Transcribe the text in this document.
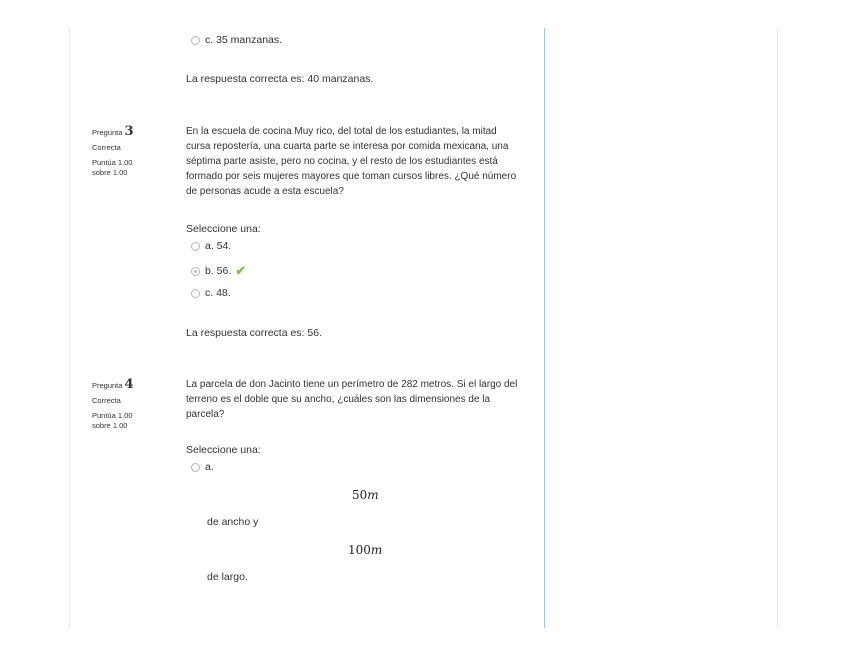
c. 35 manzanas.
La respuesta correcta es: 40 manzanas.
Pregunta 3
Correcta
Puntúa 1.00 sobre 1.00
En la escuela de cocina Muy rico, del total de los estudiantes, la mitad cursa repostería, una cuarta parte se interesa por comida mexicana, una séptima parte asiste, pero no cocina, y el resto de los estudiantes está formado por seis mujeres mayores que toman cursos libres. ¿Qué número de personas acude a esta escuela?
Seleccione una:
a. 54.
b. 56. ✔
c. 48.
La respuesta correcta es: 56.
Pregunta 4
Correcta
Puntúa 1.00 sobre 1.00
La parcela de don Jacinto tiene un perímetro de 282 metros. Si el largo del terreno es el doble que su ancho, ¿cuáles son las dimensiones de la parcela?
Seleccione una:
a.
50m
de ancho y
100m
de largo.
